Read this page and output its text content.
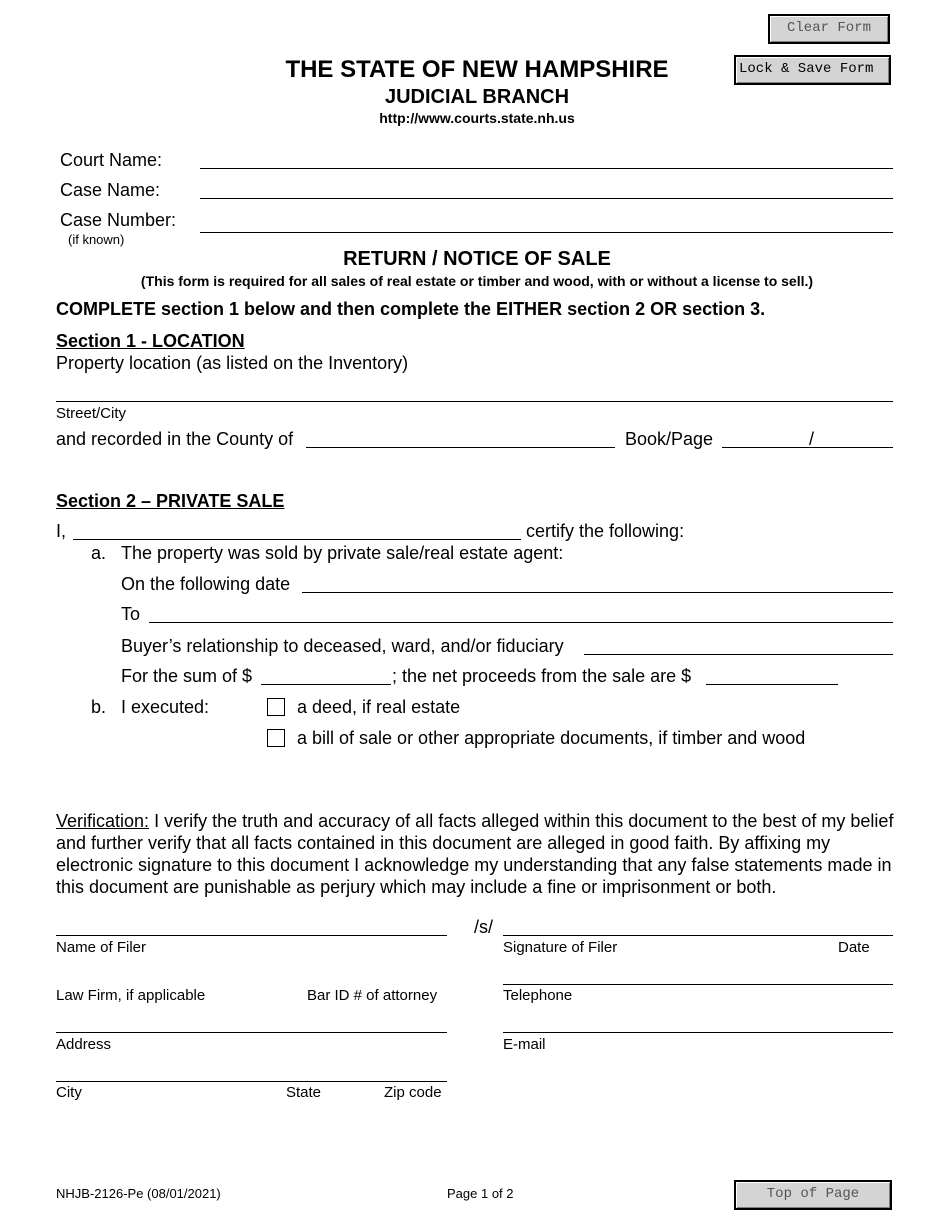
Clear Form
Lock & Save Form
THE STATE OF NEW HAMPSHIRE
JUDICIAL BRANCH
http://www.courts.state.nh.us
Court Name:
Case Name:
Case Number:
(if known)
RETURN / NOTICE OF SALE
(This form is required for all sales of real estate or timber and wood, with or without a license to sell.)
COMPLETE section 1 below and then complete the EITHER section 2 OR section 3.
Section 1 - LOCATION
Property location (as listed on the Inventory)
Street/City
and recorded in the County of	Book/Page	/
Section 2 – PRIVATE SALE
I,	certify the following:
a. The property was sold by private sale/real estate agent:
On the following date
To
Buyer’s relationship to deceased, ward, and/or fiduciary
For the sum of $	; the net proceeds from the sale are $
b. I executed:	a deed, if real estate
a bill of sale or other appropriate documents, if timber and wood
Verification: I verify the truth and accuracy of all facts alleged within this document to the best of my belief and further verify that all facts contained in this document are alleged in good faith. By affixing my electronic signature to this document I acknowledge my understanding that any false statements made in this document are punishable as perjury which may include a fine or imprisonment or both.
/s/
Name of Filer	Signature of Filer	Date
Law Firm, if applicable	Bar ID # of attorney	Telephone
Address	E-mail
City	State	Zip code
NHJB-2126-Pe (08/01/2021)	Page 1 of 2	Top of Page
